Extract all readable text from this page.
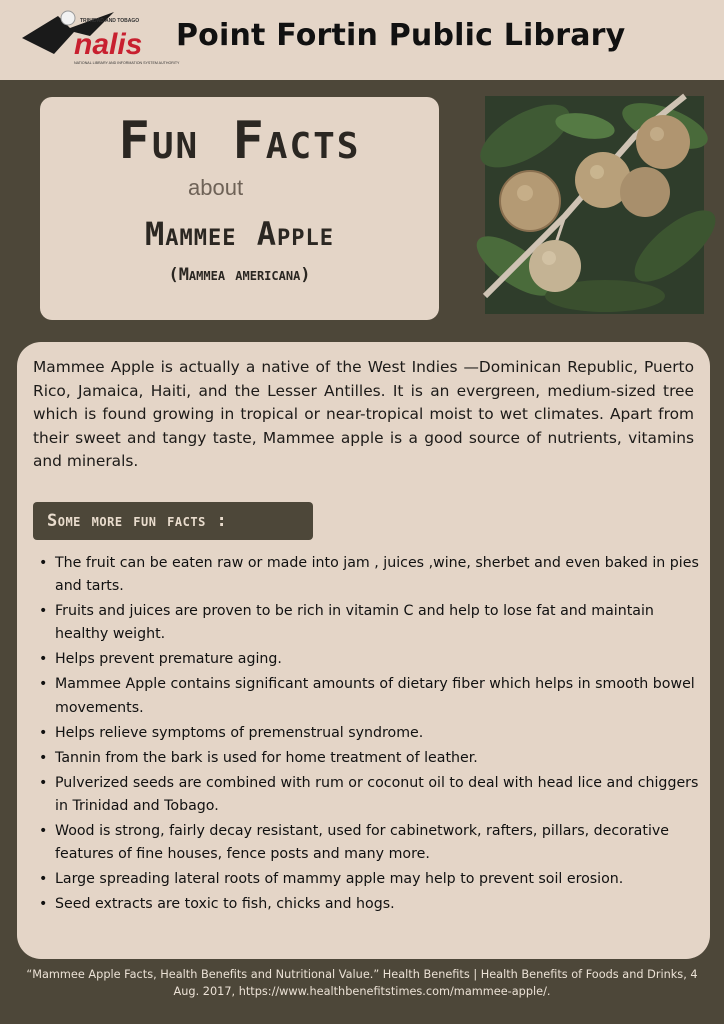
TRINIDAD AND TOBAGO
nalis
NATIONAL LIBRARY AND INFORMATION SYSTEM AUTHORITY
Point Fortin Public Library
Fun Facts
about
Mammee Apple
(Mammea americana)

Mammee Apple is actually a native of the West Indies —Dominican Republic, Puerto Rico, Jamaica, Haiti, and the Lesser Antilles. It is an evergreen, medium-sized tree which is found growing in tropical or near-tropical moist to wet climates. Apart from their sweet and tangy taste, Mammee apple is a good source of nutrients, vitamins and minerals.

Some more fun facts :
• The fruit can be eaten raw or made into jam , juices ,wine, sherbet and even baked in pies and tarts.
• Fruits and juices are proven to be rich in vitamin C and help to lose fat and maintain healthy weight.
• Helps prevent premature aging.
• Mammee Apple contains significant amounts of dietary fiber which helps in smooth bowel movements.
• Helps relieve symptoms of premenstrual syndrome.
• Tannin from the bark is used for home treatment of leather.
• Pulverized seeds are combined with rum or coconut oil to deal with head lice and chiggers in Trinidad and Tobago.
• Wood is strong, fairly decay resistant, used for cabinetwork, rafters, pillars, decorative features of fine houses, fence posts and many more.
• Large spreading lateral roots of mammy apple may help to prevent soil erosion.
• Seed extracts are toxic to fish, chicks and hogs.
“Mammee Apple Facts, Health Benefits and Nutritional Value.” Health Benefits | Health Benefits of Foods and Drinks, 4 Aug. 2017, https://www.healthbenefitstimes.com/mammee-apple/.
